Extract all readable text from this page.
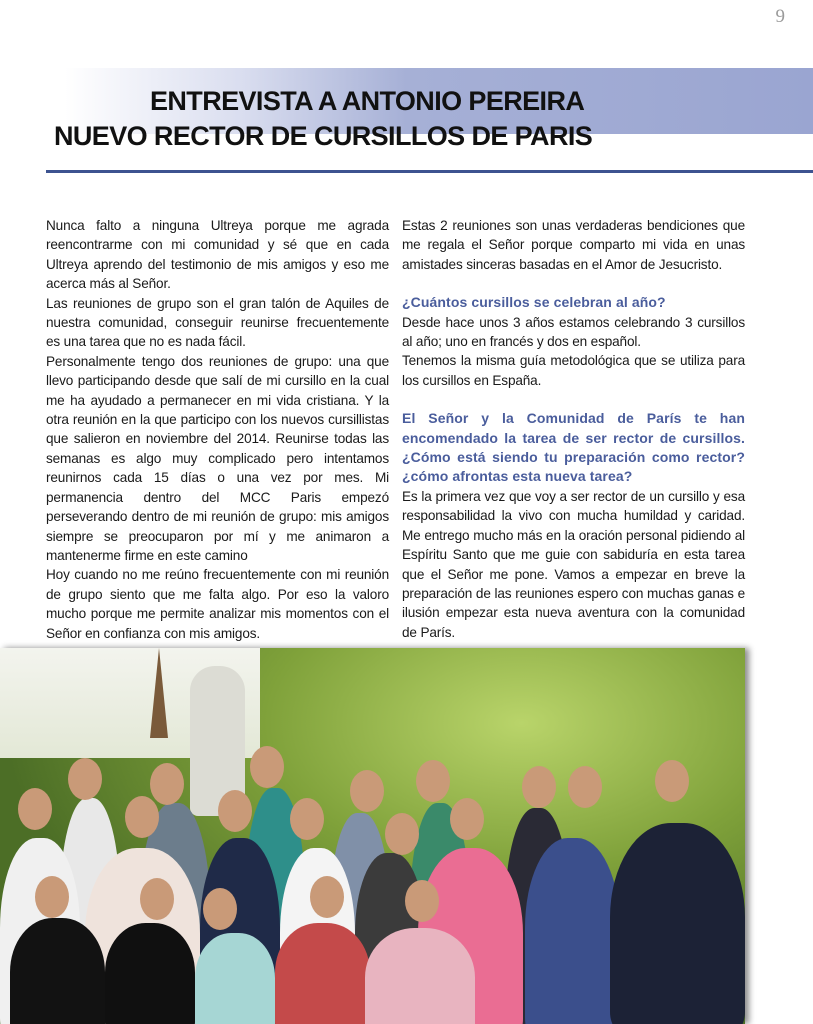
9
ENTREVISTA A ANTONIO PEREIRA
NUEVO RECTOR DE CURSILLOS DE PARIS

Nunca falto a ninguna Ultreya porque me agrada reencontrarme con mi comunidad y sé que en cada Ultreya aprendo del testimonio de mis amigos y eso me acerca más al Señor.

Las reuniones de grupo son el gran talón de Aquiles de nuestra comunidad, conseguir reunirse frecuentemente es una tarea que no es nada fácil.

Personalmente tengo dos reuniones de grupo: una que llevo participando desde que salí de mi cursillo en la cual me ha ayudado a permanecer en mi vida cristiana. Y la otra reunión en la que participo con los nuevos cursillistas que salieron en noviembre del 2014. Reunirse todas las semanas es algo muy complicado pero intentamos reunirnos cada 15 días o una vez por mes. Mi permanencia dentro del MCC Paris empezó perseverando dentro de mi reunión de grupo: mis amigos siempre se preocuparon por mí y me animaron a mantenerme firme en este camino

Hoy cuando no me reúno frecuentemente con mi reunión de grupo siento que me falta algo. Por eso la valoro mucho porque me permite analizar mis momentos con el Señor en confianza con mis amigos.

Estas 2 reuniones son unas verdaderas bendiciones que me regala el Señor porque comparto mi vida en unas amistades sinceras basadas en el Amor de Jesucristo.

¿Cuántos cursillos se celebran al año?

Desde hace unos 3 años estamos celebrando 3 cursillos al año; uno en francés y dos en español.

Tenemos la misma guía metodológica que se utiliza para los cursillos en España.

El Señor y la Comunidad de París te han encomendado la tarea de ser rector de cursillos. ¿Cómo está siendo tu preparación como rector? ¿cómo afrontas esta nueva tarea?

Es la primera vez que voy a ser rector de un cursillo y esa responsabilidad la vivo con mucha humildad y caridad. Me entrego mucho más en la oración personal pidiendo al Espíritu Santo que me guie con sabiduría en esta tarea que el Señor me pone. Vamos a empezar en breve la preparación de las reuniones espero con muchas ganas e ilusión empezar esta nueva aventura con la comunidad de París.
